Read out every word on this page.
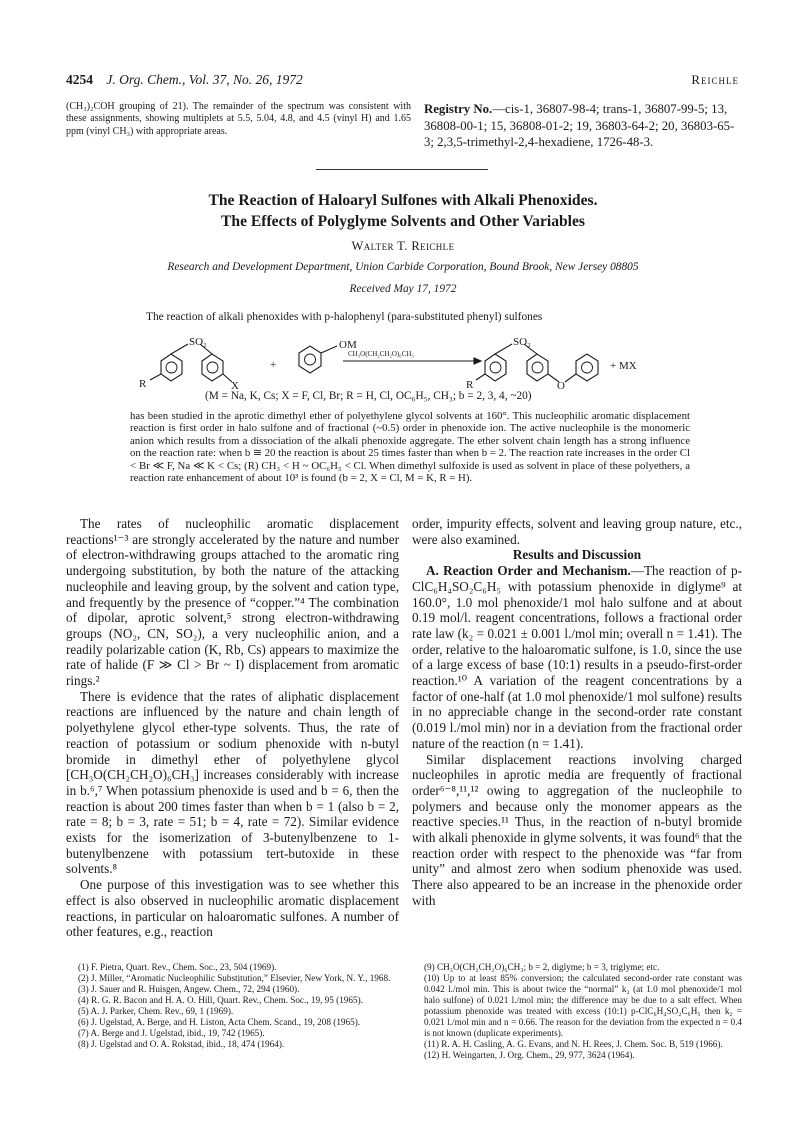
4254 J. Org. Chem., Vol. 37, No. 26, 1972	Reichle
(CH₃)₂COH grouping of 21). The remainder of the spectrum was consistent with these assignments, showing multiplets at 5.5, 5.04, 4.8, and 4.5 (vinyl H) and 1.65 ppm (vinyl CH₃) with appropriate areas.
Registry No.—cis-1, 36807-98-4; trans-1, 36807-99-5; 13, 36808-00-1; 15, 36808-01-2; 19, 36803-64-2; 20, 36803-65-3; 2,3,5-trimethyl-2,4-hexadiene, 1726-48-3.
The Reaction of Haloaryl Sulfones with Alkali Phenoxides.
The Effects of Polyglyme Solvents and Other Variables
Walter T. Reichle
Research and Development Department, Union Carbide Corporation, Bound Brook, New Jersey 08805
Received May 17, 1972
The reaction of alkali phenoxides with p-halophenyl (para-substituted phenyl) sulfones
SO₂
R	X
+
OM
CH₃O(CH₂CH₂O)₆CH₃
SO₂
R	O
+ MX
(M = Na, K, Cs; X = F, Cl, Br; R = H, Cl, OC₆H₅, CH₃; b = 2, 3, 4, ~20)
has been studied in the aprotic dimethyl ether of polyethylene glycol solvents at 160°. This nucleophilic aromatic displacement reaction is first order in halo sulfone and of fractional (~0.5) order in phenoxide ion. The active nucleophile is the monomeric anion which results from a dissociation of the alkali phenoxide aggregate. The ether solvent chain length has a strong influence on the reaction rate: when b ≅ 20 the reaction is about 25 times faster than when b = 2. The reaction rate increases in the order Cl < Br ≪ F, Na ≪ K < Cs; (R) CH₃ < H ~ OC₆H₅ < Cl. When dimethyl sulfoxide is used as solvent in place of these polyethers, a reaction rate enhancement of about 10³ is found (b = 2, X = Cl, M = K, R = H).

The rates of nucleophilic aromatic displacement reactions¹⁻³ are strongly accelerated by the nature and number of electron-withdrawing groups attached to the aromatic ring undergoing substitution, by both the nature of the attacking nucleophile and leaving group, by the solvent and cation type, and frequently by the presence of “copper.”⁴ The combination of dipolar, aprotic solvent,⁵ strong electron-withdrawing groups (NO₂, CN, SO₂), a very nucleophilic anion, and a readily polarizable cation (K, Rb, Cs) appears to maximize the rate of halide (F ≫ Cl > Br ~ I) displacement from aromatic rings.²

There is evidence that the rates of aliphatic displacement reactions are influenced by the nature and chain length of polyethylene glycol ether-type solvents. Thus, the rate of reaction of potassium or sodium phenoxide with n-butyl bromide in dimethyl ether of polyethylene glycol [CH₃O(CH₂CH₂O)₆CH₃] increases considerably with increase in b.⁶,⁷ When potassium phenoxide is used and b = 6, then the reaction is about 200 times faster than when b = 1 (also b = 2, rate = 8; b = 3, rate = 51; b = 4, rate = 72). Similar evidence exists for the isomerization of 3-butenylbenzene to 1-butenylbenzene with potassium tert-butoxide in these solvents.⁸

One purpose of this investigation was to see whether this effect is also observed in nucleophilic aromatic displacement reactions, in particular on haloaromatic sulfones. A number of other features, e.g., reaction

order, impurity effects, solvent and leaving group nature, etc., were also examined.

Results and Discussion

A. Reaction Order and Mechanism.—The reaction of p-ClC₆H₄SO₂C₆H₅ with potassium phenoxide in diglyme⁹ at 160.0°, 1.0 mol phenoxide/1 mol halo sulfone and at about 0.19 mol/l. reagent concentrations, follows a fractional order rate law (k₂ = 0.021 ± 0.001 l./mol min; overall n = 1.41). The order, relative to the haloaromatic sulfone, is 1.0, since the use of a large excess of base (10:1) results in a pseudo-first-order reaction.¹⁰ A variation of the reagent concentrations by a factor of one-half (at 1.0 mol phenoxide/1 mol sulfone) results in no appreciable change in the second-order rate constant (0.019 l./mol min) nor in a deviation from the fractional order nature of the reaction (n = 1.41).

Similar displacement reactions involving charged nucleophiles in aprotic media are frequently of fractional order⁶⁻⁸,¹¹,¹² owing to aggregation of the nucleophile to polymers and because only the monomer appears as the reactive species.¹¹ Thus, in the reaction of n-butyl bromide with alkali phenoxide in glyme solvents, it was found⁶ that the reaction order with respect to the phenoxide was “far from unity” and almost zero when sodium phenoxide was used. There also appeared to be an increase in the phenoxide order with

(1) F. Pietra, Quart. Rev., Chem. Soc., 23, 504 (1969).
(2) J. Miller, “Aromatic Nucleophilic Substitution,” Elsevier, New York, N. Y., 1968.
(3) J. Sauer and R. Huisgen, Angew. Chem., 72, 294 (1960).
(4) R. G. R. Bacon and H. A. O. Hill, Quart. Rev., Chem. Soc., 19, 95 (1965).
(5) A. J. Parker, Chem. Rev., 69, 1 (1969).
(6) J. Ugelstad, A. Berge, and H. Liston, Acta Chem. Scand., 19, 208 (1965).
(7) A. Berge and J. Ugelstad, ibid., 19, 742 (1965).
(8) J. Ugelstad and O. A. Rokstad, ibid., 18, 474 (1964).
(9) CH₃O(CH₂CH₂O)₆CH₃; b = 2, diglyme; b = 3, triglyme; etc.
(10) Up to at least 85% conversion; the calculated second-order rate constant was 0.042 l./mol min. This is about twice the “normal” k₂ (at 1.0 mol phenoxide/1 mol halo sulfone) of 0.021 l./mol min; the difference may be due to a salt effect. When potassium phenoxide was treated with excess (10:1) p-ClC₆H₄SO₂C₆H₅ then k₂ = 0.021 l./mol min and n = 0.66. The reason for the deviation from the expected n = 0.4 is not known (duplicate experiments).
(11) R. A. H. Casling, A. G. Evans, and N. H. Rees, J. Chem. Soc. B, 519 (1966).
(12) H. Weingarten, J. Org. Chem., 29, 977, 3624 (1964).
